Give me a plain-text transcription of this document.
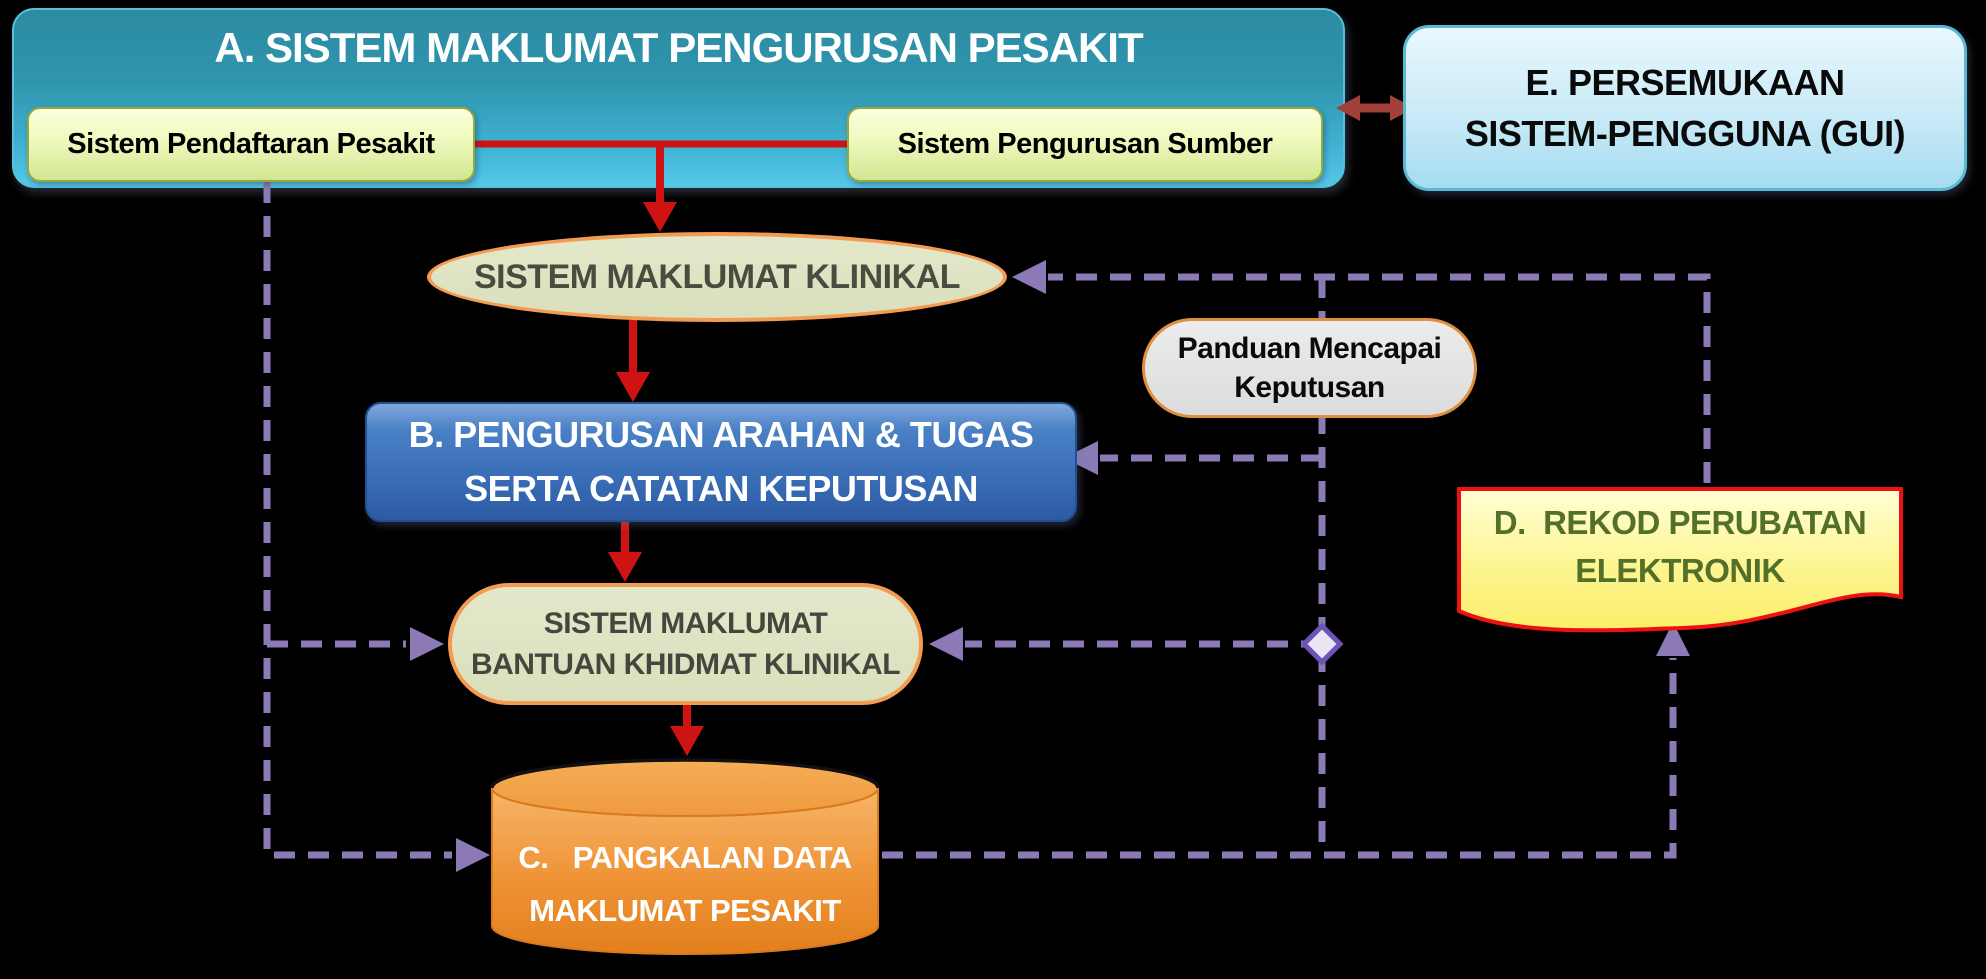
A. SISTEM MAKLUMAT PENGURUSAN PESAKIT
Sistem Pendaftaran Pesakit	Sistem Pengurusan Sumber
E. PERSEMUKAAN
SISTEM-PENGGUNA (GUI)
SISTEM MAKLUMAT KLINIKAL
Panduan Mencapai
Keputusan
B. PENGURUSAN ARAHAN & TUGAS
SERTA CATATAN KEPUTUSAN
D.  REKOD PERUBATAN
ELEKTRONIK
SISTEM MAKLUMAT
BANTUAN KHIDMAT KLINIKAL
C.   PANGKALAN DATA
MAKLUMAT PESAKIT
